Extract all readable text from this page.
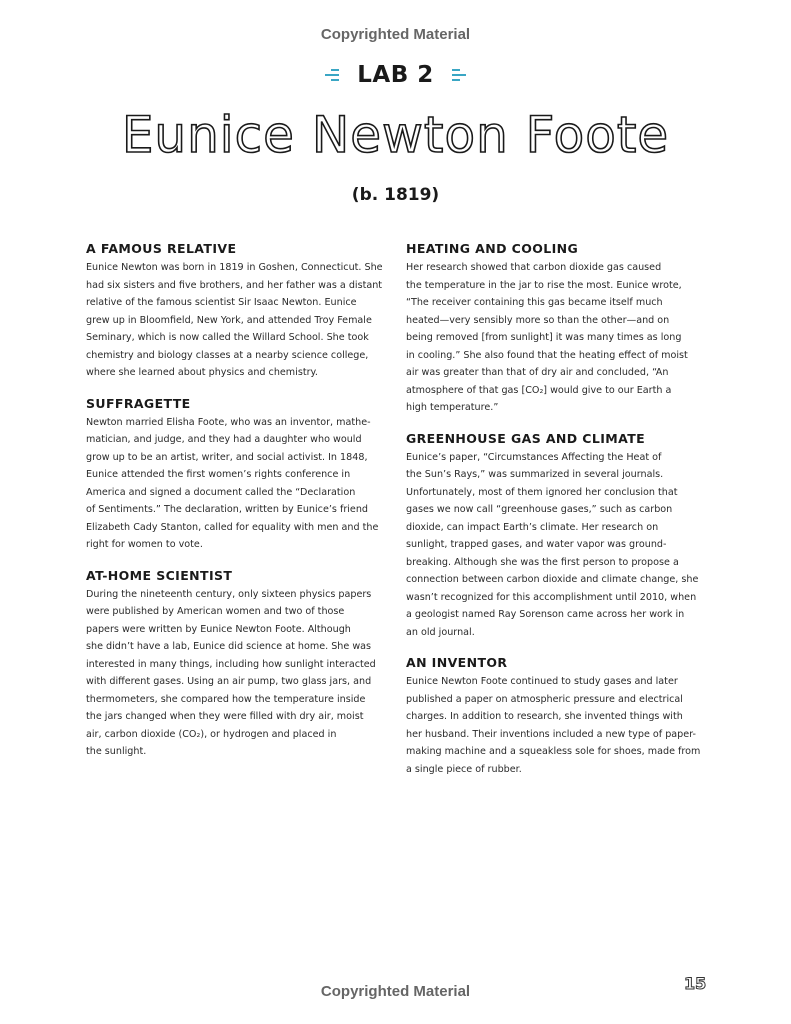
Copyrighted Material
LAB 2
Eunice Newton Foote
(b. 1819)
A FAMOUS RELATIVE
Eunice Newton was born in 1819 in Goshen, Connecticut. She
had six sisters and five brothers, and her father was a distant
relative of the famous scientist Sir Isaac Newton. Eunice
grew up in Bloomfield, New York, and attended Troy Female
Seminary, which is now called the Willard School. She took
chemistry and biology classes at a nearby science college,
where she learned about physics and chemistry.
SUFFRAGETTE
Newton married Elisha Foote, who was an inventor, mathe-
matician, and judge, and they had a daughter who would
grow up to be an artist, writer, and social activist. In 1848,
Eunice attended the first women’s rights conference in
America and signed a document called the “Declaration
of Sentiments.” The declaration, written by Eunice’s friend
Elizabeth Cady Stanton, called for equality with men and the
right for women to vote.
AT-HOME SCIENTIST
During the nineteenth century, only sixteen physics papers
were published by American women and two of those
papers were written by Eunice Newton Foote. Although
she didn’t have a lab, Eunice did science at home. She was
interested in many things, including how sunlight interacted
with different gases. Using an air pump, two glass jars, and
thermometers, she compared how the temperature inside
the jars changed when they were filled with dry air, moist
air, carbon dioxide (CO₂), or hydrogen and placed in
the sunlight.
HEATING AND COOLING
Her research showed that carbon dioxide gas caused
the temperature in the jar to rise the most. Eunice wrote,
“The receiver containing this gas became itself much
heated—very sensibly more so than the other—and on
being removed [from sunlight] it was many times as long
in cooling.” She also found that the heating effect of moist
air was greater than that of dry air and concluded, “An
atmosphere of that gas [CO₂] would give to our Earth a
high temperature.”
GREENHOUSE GAS AND CLIMATE
Eunice’s paper, “Circumstances Affecting the Heat of
the Sun’s Rays,” was summarized in several journals.
Unfortunately, most of them ignored her conclusion that
gases we now call “greenhouse gases,” such as carbon
dioxide, can impact Earth’s climate. Her research on
sunlight, trapped gases, and water vapor was ground-
breaking. Although she was the first person to propose a
connection between carbon dioxide and climate change, she
wasn’t recognized for this accomplishment until 2010, when
a geologist named Ray Sorenson came across her work in
an old journal.
AN INVENTOR
Eunice Newton Foote continued to study gases and later
published a paper on atmospheric pressure and electrical
charges. In addition to research, she invented things with
her husband. Their inventions included a new type of paper-
making machine and a squeakless sole for shoes, made from
a single piece of rubber.
15
Copyrighted Material
